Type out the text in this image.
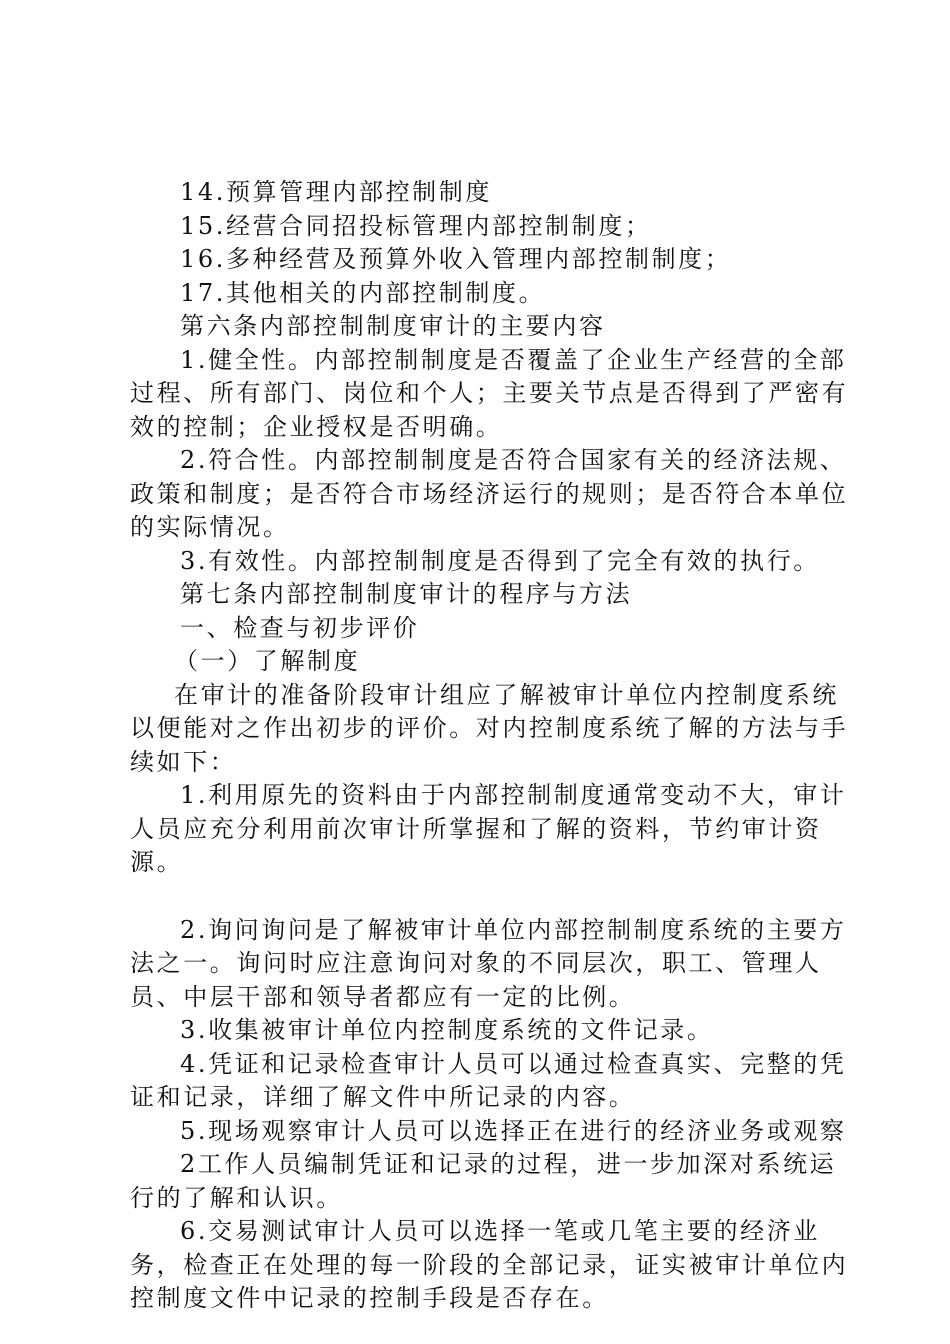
14.预算管理内部控制制度

15.经营合同招投标管理内部控制制度；

16.多种经营及预算外收入管理内部控制制度；

17.其他相关的内部控制制度。

第六条内部控制制度审计的主要内容

1.健全性。内部控制制度是否覆盖了企业生产经营的全部过程、所有部门、岗位和个人；主要关节点是否得到了严密有效的控制；企业授权是否明确。

2.符合性。内部控制制度是否符合国家有关的经济法规、政策和制度；是否符合市场经济运行的规则；是否符合本单位的实际情况。

3.有效性。内部控制制度是否得到了完全有效的执行。

第七条内部控制制度审计的程序与方法

一、检查与初步评价

（一）了解制度

在审计的准备阶段审计组应了解被审计单位内控制度系统以便能对之作出初步的评价。对内控制度系统了解的方法与手续如下：

1.利用原先的资料由于内部控制制度通常变动不大，审计人员应充分利用前次审计所掌握和了解的资料，节约审计资源。

2.询问询问是了解被审计单位内部控制制度系统的主要方法之一。询问时应注意询问对象的不同层次，职工、管理人员、中层干部和领导者都应有一定的比例。

3.收集被审计单位内控制度系统的文件记录。

4.凭证和记录检查审计人员可以通过检查真实、完整的凭证和记录，详细了解文件中所记录的内容。

5.现场观察审计人员可以选择正在进行的经济业务或观察

2工作人员编制凭证和记录的过程，进一步加深对系统运行的了解和认识。

6.交易测试审计人员可以选择一笔或几笔主要的经济业务，检查正在处理的每一阶段的全部记录，证实被审计单位内控制度文件中记录的控制手段是否存在。
